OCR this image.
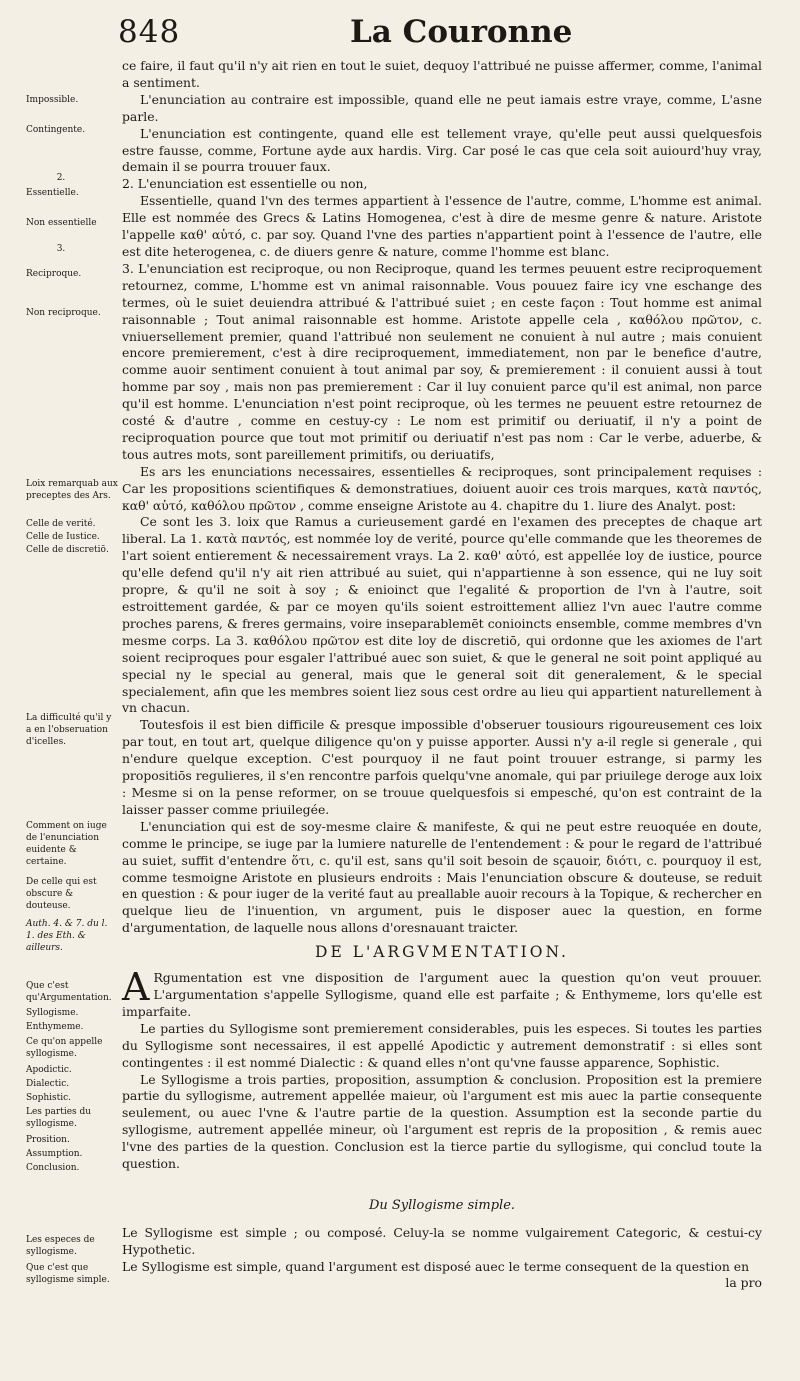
848	La Couronne
Impossible.
Contingente.
2.
Essentielle.
Non essentielle
3.
Reciproque.
Non reciproque.
Loix remarquab aux preceptes des Ars.
Celle de verité.
Celle de Iustice.
Celle de discretiō.
La difficulté qu'il y a en l'obseruation d'icelles.
Comment on iuge de l'enunciation euidente & certaine.
De celle qui est obscure & douteuse.
Auth. 4. & 7. du l. 1. des Eth. & ailleurs.
Que c'est qu'Argumentation.
Syllogisme.
Enthymeme.
Ce qu'on appelle syllogisme.
Apodictic.
Dialectic.
Sophistic.
Les parties du syllogisme.
Prosition.
Assumption.
Conclusion.
Les especes de syllogisme.
Que c'est que syllogisme simple.

ce faire, il faut qu'il n'y ait rien en tout le suiet, dequoy l'attribué ne puisse affermer, comme, l'animal a sentiment.

L'enunciation au contraire est impossible, quand elle ne peut iamais estre vraye, comme, L'asne parle.

L'enunciation est contingente, quand elle est tellement vraye, qu'elle peut aussi quelquesfois estre fausse, comme, Fortune ayde aux hardis. Virg. Car posé le cas que cela soit auiourd'huy vray, demain il se pourra trouuer faux.

2. L'enunciation est essentielle ou non,

Essentielle, quand l'vn des termes appartient à l'essence de l'autre, comme, L'homme est animal. Elle est nommée des Grecs & Latins Homogenea, c'est à dire de mesme genre & nature. Aristote l'appelle καθ' αὑτό, c. par soy. Quand l'vne des parties n'appartient point à l'essence de l'autre, elle est dite heterogenea, c. de diuers genre & nature, comme l'homme est blanc.

3. L'enunciation est reciproque, ou non Reciproque, quand les termes peuuent estre reciproquement retournez, comme, L'homme est vn animal raisonnable. Vous pouuez faire icy vne eschange des termes, où le suiet deuiendra attribué & l'attribué suiet ; en ceste façon : Tout homme est animal raisonnable ; Tout animal raisonnable est homme. Aristote appelle cela , καθόλου πρῶτον, c. vniuersellement premier, quand l'attribué non seulement ne conuient à nul autre ; mais conuient encore premierement, c'est à dire reciproquement, immediatement, non par le benefice d'autre, comme auoir sentiment conuient à tout animal par soy, & premierement : il conuient aussi à tout homme par soy , mais non pas premierement : Car il luy conuient parce qu'il est animal, non parce qu'il est homme. L'enunciation n'est point reciproque, où les termes ne peuuent estre retournez de costé & d'autre , comme en cestuy-cy : Le nom est primitif ou deriuatif, il n'y a point de reciproquation pource que tout mot primitif ou deriuatif n'est pas nom : Car le verbe, aduerbe, & tous autres mots, sont pareillement primitifs, ou deriuatifs,

Es ars les enunciations necessaires, essentielles & reciproques, sont principalement requises : Car les propositions scientifiques & demonstratiues, doiuent auoir ces trois marques, κατὰ παντός, καθ' αὑτό, καθόλου πρῶτον , comme enseigne Aristote au 4. chapitre du 1. liure des Analyt. post:

Ce sont les 3. loix que Ramus a curieusement gardé en l'examen des preceptes de chaque art liberal. La 1. κατὰ παντός, est nommée loy de verité, pource qu'elle commande que les theoremes de l'art soient entierement & necessairement vrays. La 2. καθ' αὑτό, est appellée loy de iustice, pource qu'elle defend qu'il n'y ait rien attribué au suiet, qui n'appartienne à son essence, qui ne luy soit propre, & qu'il ne soit à soy ; & enioinct que l'egalité & proportion de l'vn à l'autre, soit estroittement gardée, & par ce moyen qu'ils soient estroittement alliez l'vn auec l'autre comme proches parens, & freres germains, voire inseparablemēt conioincts ensemble, comme membres d'vn mesme corps. La 3. καθόλου πρῶτον est dite loy de discretiō, qui ordonne que les axiomes de l'art soient reciproques pour esgaler l'attribué auec son suiet, & que le general ne soit point appliqué au special ny le special au general, mais que le general soit dit generalement, & le special specialement, afin que les membres soient liez sous cest ordre au lieu qui appartient naturellement à vn chacun.

Toutesfois il est bien difficile & presque impossible d'obseruer tousiours rigoureusement ces loix par tout, en tout art, quelque diligence qu'on y puisse apporter. Aussi n'y a-il regle si generale , qui n'endure quelque exception. C'est pourquoy il ne faut point trouuer estrange, si parmy les propositiōs regulieres, il s'en rencontre parfois quelqu'vne anomale, qui par priuilege deroge aux loix : Mesme si on la pense reformer, on se trouue quelquesfois si empesché, qu'on est contraint de la laisser passer comme priuilegée.

L'enunciation qui est de soy-mesme claire & manifeste, & qui ne peut estre reuoquée en doute, comme le principe, se iuge par la lumiere naturelle de l'entendement : & pour le regard de l'attribué au suiet, suffit d'entendre ὅτι, c. qu'il est, sans qu'il soit besoin de sçauoir, διότι, c. pourquoy il est, comme tesmoigne Aristote en plusieurs endroits : Mais l'enunciation obscure & douteuse, se reduit en question : & pour iuger de la verité faut au preallable auoir recours à la Topique, & rechercher en quelque lieu de l'inuention, vn argument, puis le disposer auec la question, en forme d'argumentation, de laquelle nous allons d'oresnauant traicter.

DE L'ARGVMENTATION.

A Rgumentation est vne disposition de l'argument auec la question qu'on veut prouuer. L'argumentation s'appelle Syllogisme, quand elle est parfaite ; & Enthymeme, lors qu'elle est imparfaite.

Le parties du Syllogisme sont premierement considerables, puis les especes. Si toutes les parties du Syllogisme sont necessaires, il est appellé Apodictic y autrement demonstratif : si elles sont contingentes : il est nommé Dialectic : & quand elles n'ont qu'vne fausse apparence, Sophistic.

Le Syllogisme a trois parties, proposition, assumption & conclusion. Proposition est la premiere partie du syllogisme, autrement appellée maieur, où l'argument est mis auec la partie consequente seulement, ou auec l'vne & l'autre partie de la question. Assumption est la seconde partie du syllogisme, autrement appellée mineur, où l'argument est repris de la proposition , & remis auec l'vne des parties de la question. Conclusion est la tierce partie du syllogisme, qui conclud toute la question.

Du Syllogisme simple.

Le Syllogisme est simple ; ou composé. Celuy-la se nomme vulgairement Categoric, & cestui-cy Hypothetic.

Le Syllogisme est simple, quand l'argument est disposé auec le terme consequent de la question en

la pro
